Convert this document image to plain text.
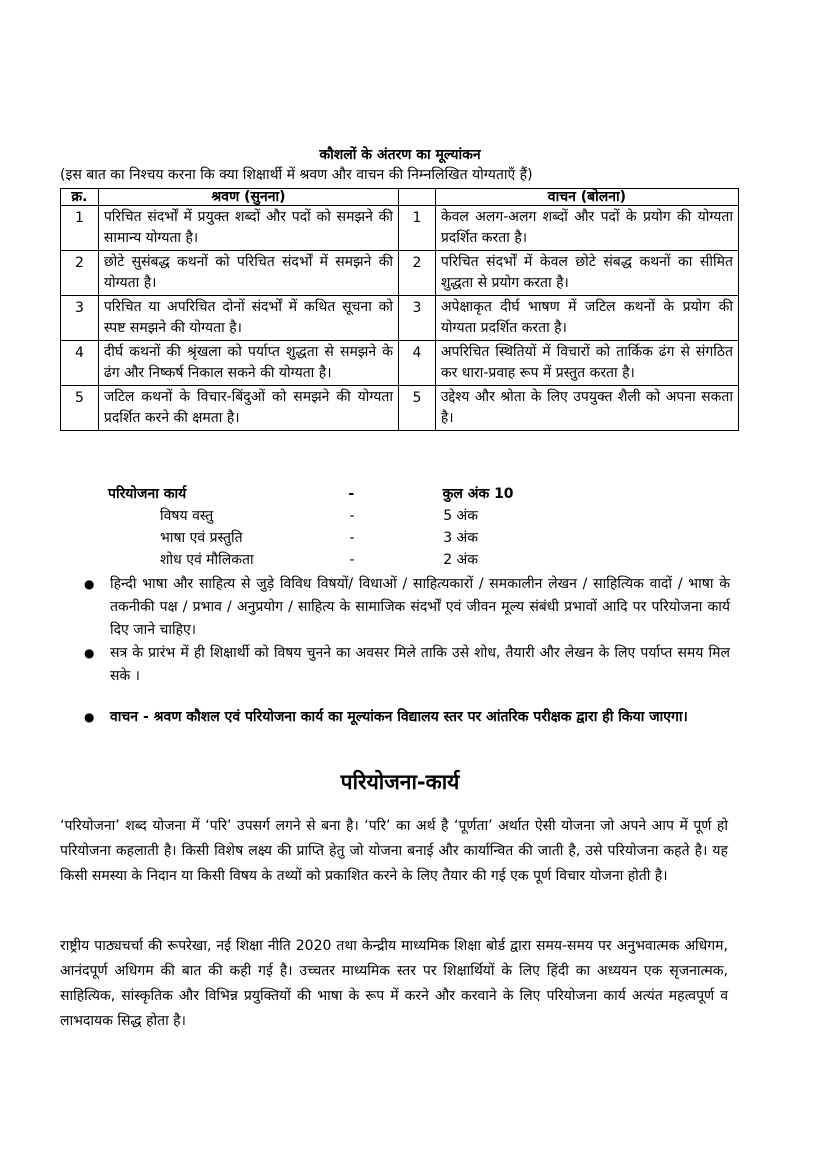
कौशलों के अंतरण का मूल्यांकन
(इस बात का निश्चय करना कि क्या शिक्षार्थी में श्रवण और वाचन की निम्नलिखित योग्यताएँ हैं)
क्र.	श्रवण (सुनना)		वाचन (बोलना)
1	परिचित संदर्भों में प्रयुक्त शब्दों और पदों को समझने की सामान्य योग्यता है।	1	केवल अलग-अलग शब्दों और पदों के प्रयोग की योग्यता प्रदर्शित करता है।
2	छोटे सुसंबद्ध कथनों को परिचित संदर्भों में समझने की योग्यता है।	2	परिचित संदर्भों में केवल छोटे संबद्ध कथनों का सीमित शुद्धता से प्रयोग करता है।
3	परिचित या अपरिचित दोनों संदर्भों में कथित सूचना को स्पष्ट समझने की योग्यता है।	3	अपेक्षाकृत दीर्घ भाषण में जटिल कथनों के प्रयोग की योग्यता प्रदर्शित करता है।
4	दीर्घ कथनों की श्रृंखला को पर्याप्त शुद्धता से समझने के ढंग और निष्कर्ष निकाल सकने की योग्यता है।	4	अपरिचित स्थितियों में विचारों को तार्किक ढंग से संगठित कर धारा-प्रवाह रूप में प्रस्तुत करता है।
5	जटिल कथनों के विचार-बिंदुओं को समझने की योग्यता प्रदर्शित करने की क्षमता है।	5	उद्देश्य और श्रोता के लिए उपयुक्त शैली को अपना सकता है।
परियोजना कार्य	-	कुल अंक 10
विषय वस्तु	-	5 अंक
भाषा एवं प्रस्तुति	-	3 अंक
शोध एवं मौलिकता	-	2 अंक
●	हिन्दी भाषा और साहित्य से जुड़े विविध विषयों/ विधाओं / साहित्यकारों / समकालीन लेखन / साहित्यिक वादों / भाषा के तकनीकी पक्ष / प्रभाव / अनुप्रयोग / साहित्य के सामाजिक संदर्भों एवं जीवन मूल्य संबंधी प्रभावों आदि पर परियोजना कार्य दिए जाने चाहिए।
●	सत्र के प्रारंभ में ही शिक्षार्थी को विषय चुनने का अवसर मिले ताकि उसे शोध, तैयारी और लेखन के लिए पर्याप्त समय मिल सके ।
●	वाचन - श्रवण कौशल एवं परियोजना कार्य का मूल्यांकन विद्यालय स्तर पर आंतरिक परीक्षक द्वारा ही किया जाएगा।
परियोजना-कार्य

‘परियोजना’ शब्द योजना में ‘परि’ उपसर्ग लगने से बना है। ‘परि’ का अर्थ है ‘पूर्णता’ अर्थात ऐसी योजना जो अपने आप में पूर्ण हो परियोजना कहलाती है। किसी विशेष लक्ष्य की प्राप्ति हेतु जो योजना बनाई और कार्यान्वित की जाती है, उसे परियोजना कहते है। यह किसी समस्या के निदान या किसी विषय के तथ्यों को प्रकाशित करने के लिए तैयार की गई एक पूर्ण विचार योजना होती है।

राष्ट्रीय पाठ्यचर्चा की रूपरेखा, नई शिक्षा नीति 2020 तथा केन्द्रीय माध्यमिक शिक्षा बोर्ड द्वारा समय-समय पर अनुभवात्मक अधिगम, आनंदपूर्ण अधिगम की बात की कही गई है। उच्चतर माध्यमिक स्तर पर शिक्षार्थियों के लिए हिंदी का अध्ययन एक सृजनात्मक, साहित्यिक, सांस्कृतिक और विभिन्न प्रयुक्तियों की भाषा के रूप में करने और करवाने के लिए परियोजना कार्य अत्यंत महत्वपूर्ण व लाभदायक सिद्ध होता है।
